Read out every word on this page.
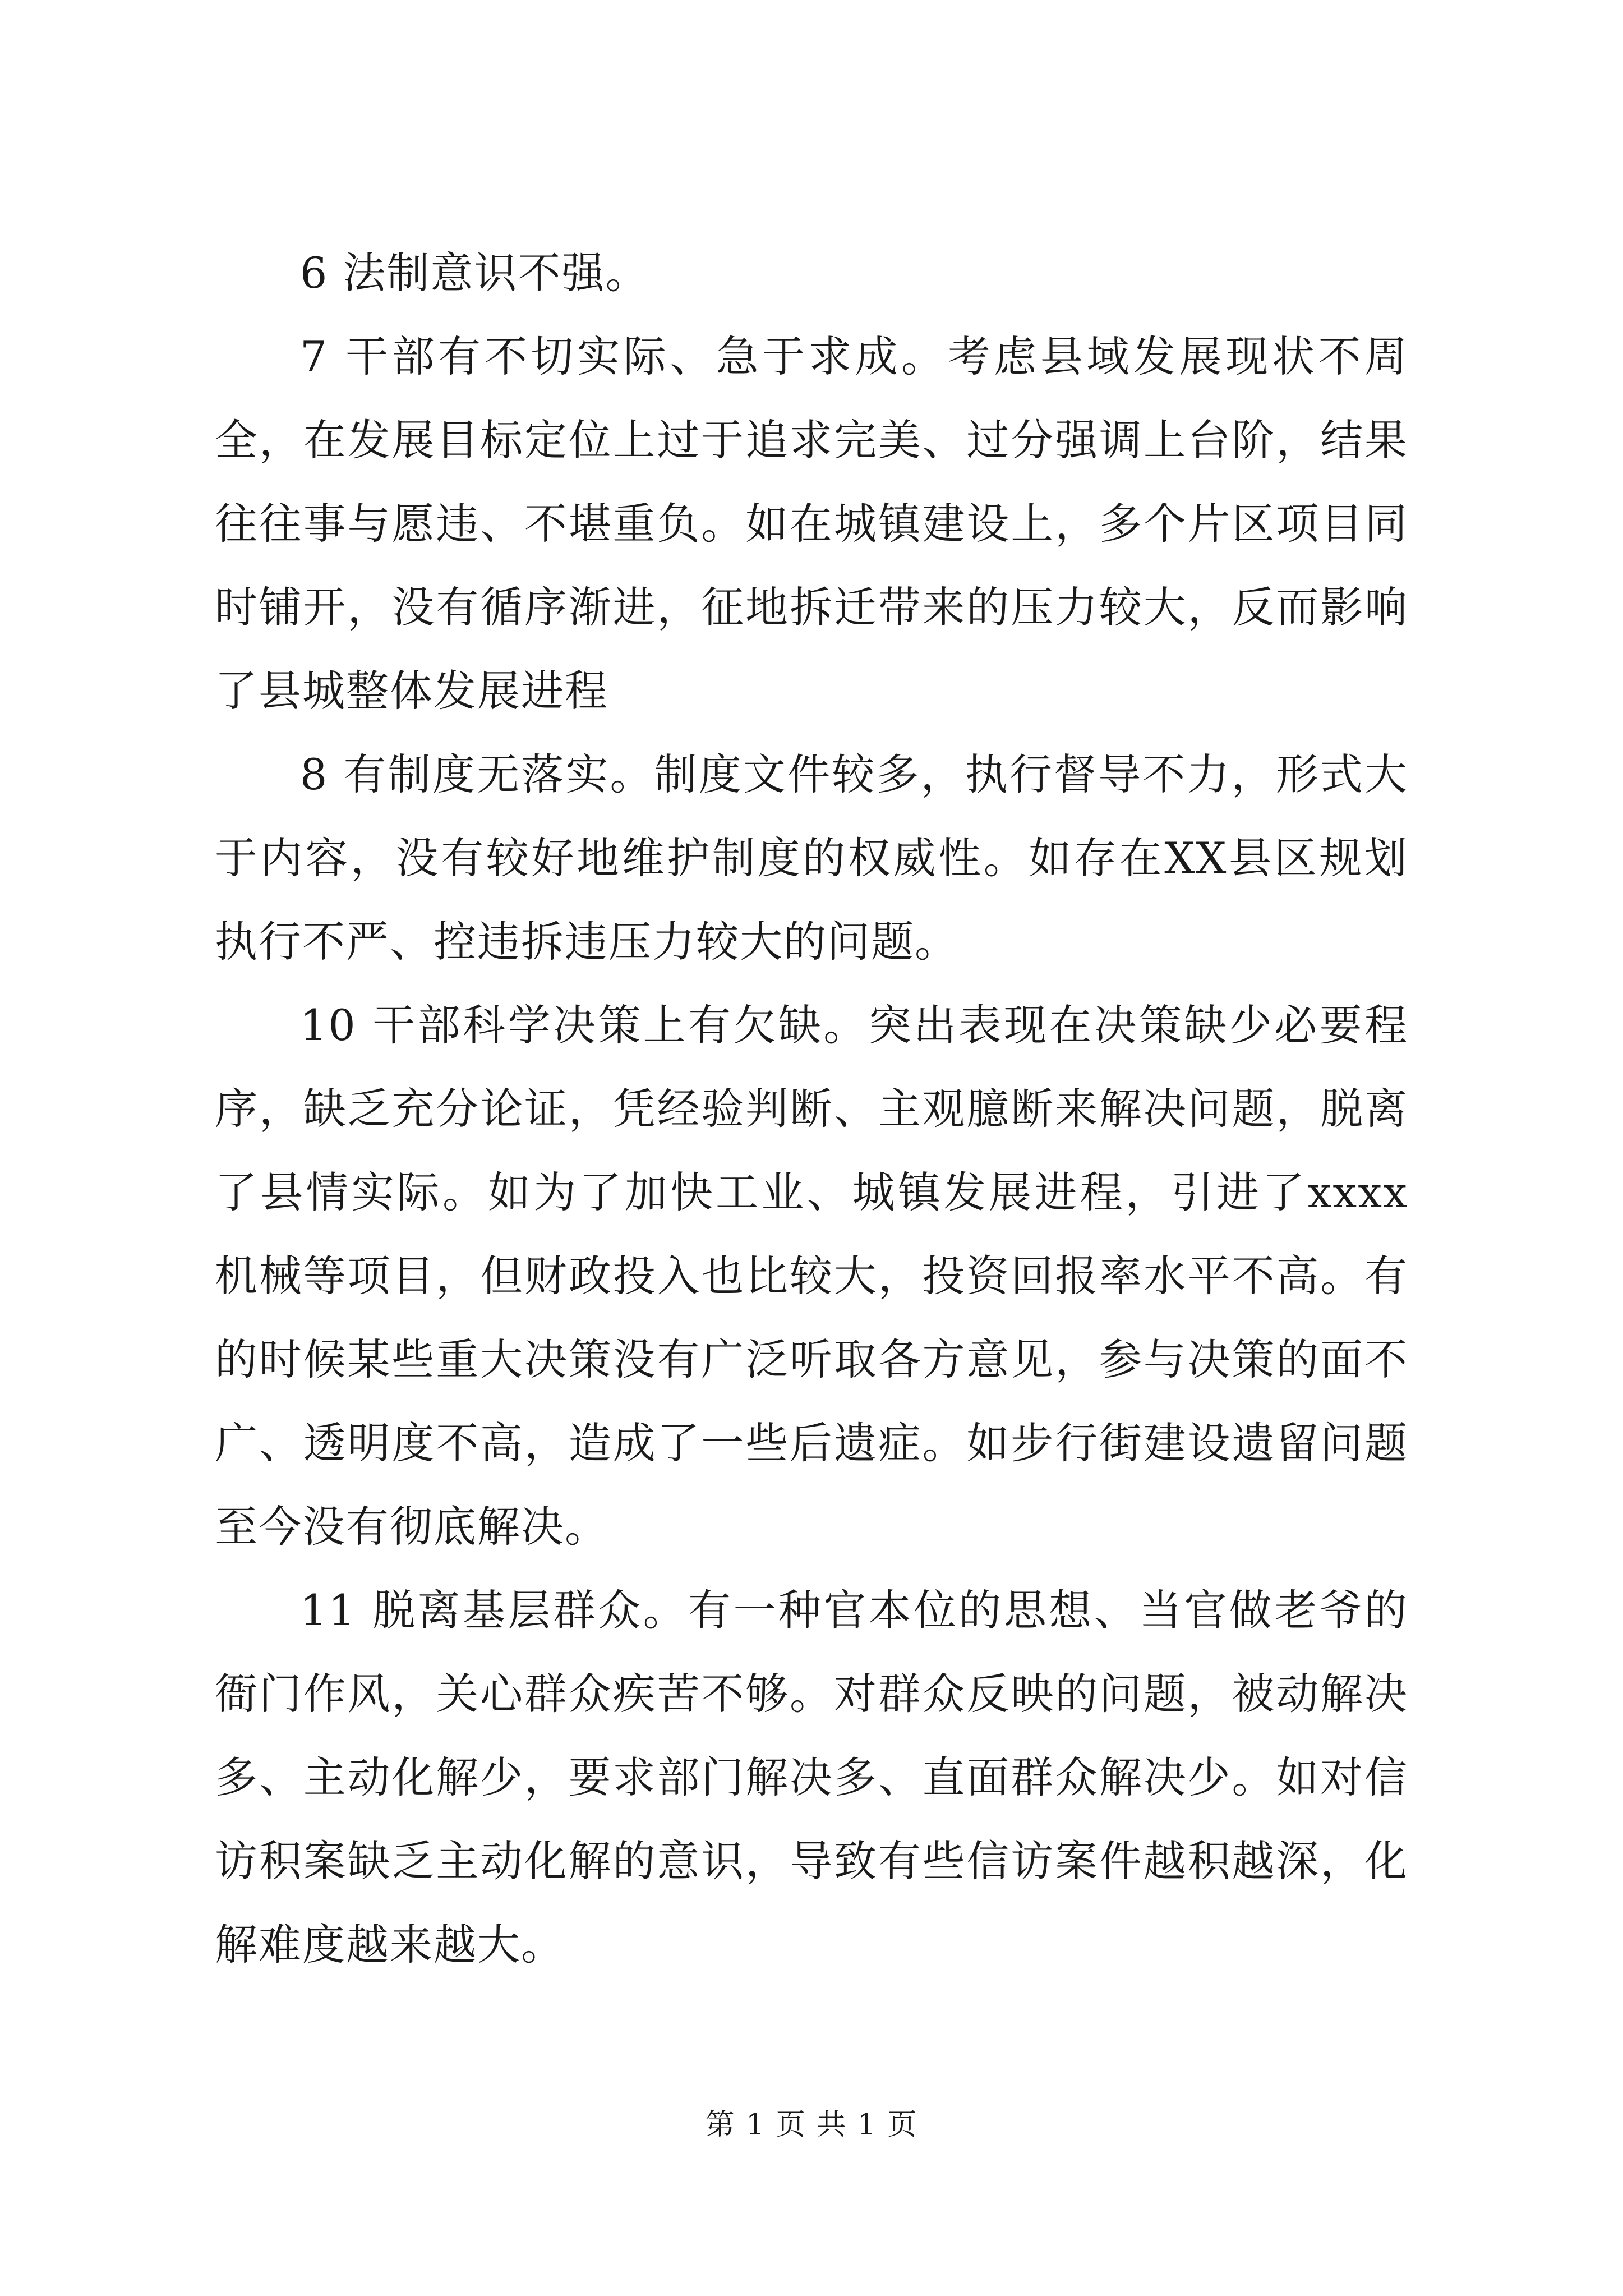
6 法制意识不强。

7 干部有不切实际、急于求成。考虑县域发展现状不周全，在发展目标定位上过于追求完美、过分强调上台阶，结果往往事与愿违、不堪重负。如在城镇建设上，多个片区项目同时铺开，没有循序渐进，征地拆迁带来的压力较大，反而影响了县城整体发展进程

8 有制度无落实。制度文件较多，执行督导不力，形式大于内容，没有较好地维护制度的权威性。如存在XX县区规划执行不严、控违拆违压力较大的问题。

10 干部科学决策上有欠缺。突出表现在决策缺少必要程序，缺乏充分论证，凭经验判断、主观臆断来解决问题，脱离了县情实际。如为了加快工业、城镇发展进程，引进了xxxx机械等项目，但财政投入也比较大，投资回报率水平不高。有的时候某些重大决策没有广泛听取各方意见，参与决策的面不广、透明度不高，造成了一些后遗症。如步行街建设遗留问题至今没有彻底解决。

11 脱离基层群众。有一种官本位的思想、当官做老爷的衙门作风，关心群众疾苦不够。对群众反映的问题，被动解决多、主动化解少，要求部门解决多、直面群众解决少。如对信访积案缺乏主动化解的意识，导致有些信访案件越积越深，化解难度越来越大。

第 1 页 共 1 页
